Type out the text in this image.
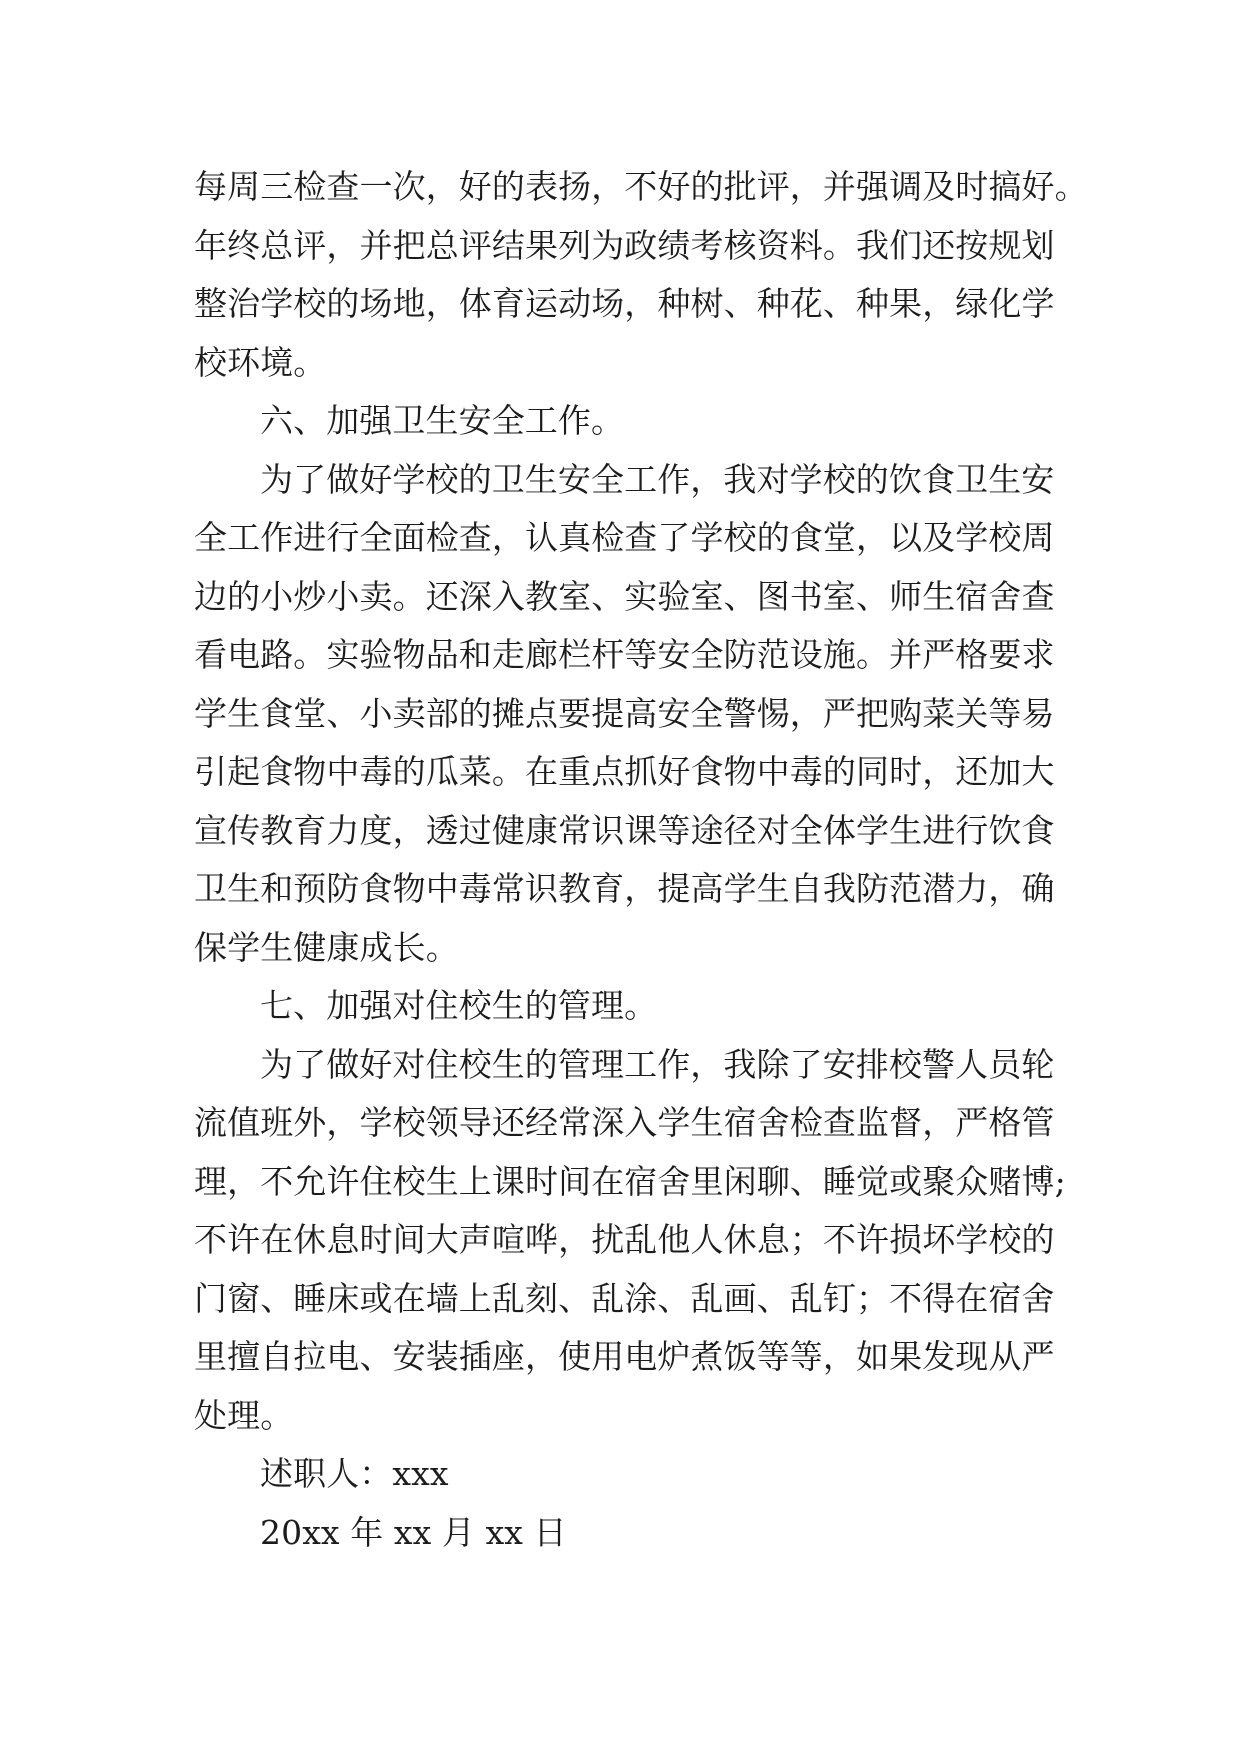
每周三检查一次，好的表扬，不好的批评，并强调及时搞好。
年终总评，并把总评结果列为政绩考核资料。我们还按规划
整治学校的场地，体育运动场，种树、种花、种果，绿化学
校环境。
六、加强卫生安全工作。
为了做好学校的卫生安全工作，我对学校的饮食卫生安
全工作进行全面检查，认真检查了学校的食堂，以及学校周
边的小炒小卖。还深入教室、实验室、图书室、师生宿舍查
看电路。实验物品和走廊栏杆等安全防范设施。并严格要求
学生食堂、小卖部的摊点要提高安全警惕，严把购菜关等易
引起食物中毒的瓜菜。在重点抓好食物中毒的同时，还加大
宣传教育力度，透过健康常识课等途径对全体学生进行饮食
卫生和预防食物中毒常识教育，提高学生自我防范潜力，确
保学生健康成长。
七、加强对住校生的管理。
为了做好对住校生的管理工作，我除了安排校警人员轮
流值班外，学校领导还经常深入学生宿舍检查监督，严格管
理，不允许住校生上课时间在宿舍里闲聊、睡觉或聚众赌博;
不许在休息时间大声喧哗，扰乱他人休息；不许损坏学校的
门窗、睡床或在墙上乱刻、乱涂、乱画、乱钉；不得在宿舍
里擅自拉电、安装插座，使用电炉煮饭等等，如果发现从严
处理。
述职人：xxx
20xx 年 xx 月 xx 日
